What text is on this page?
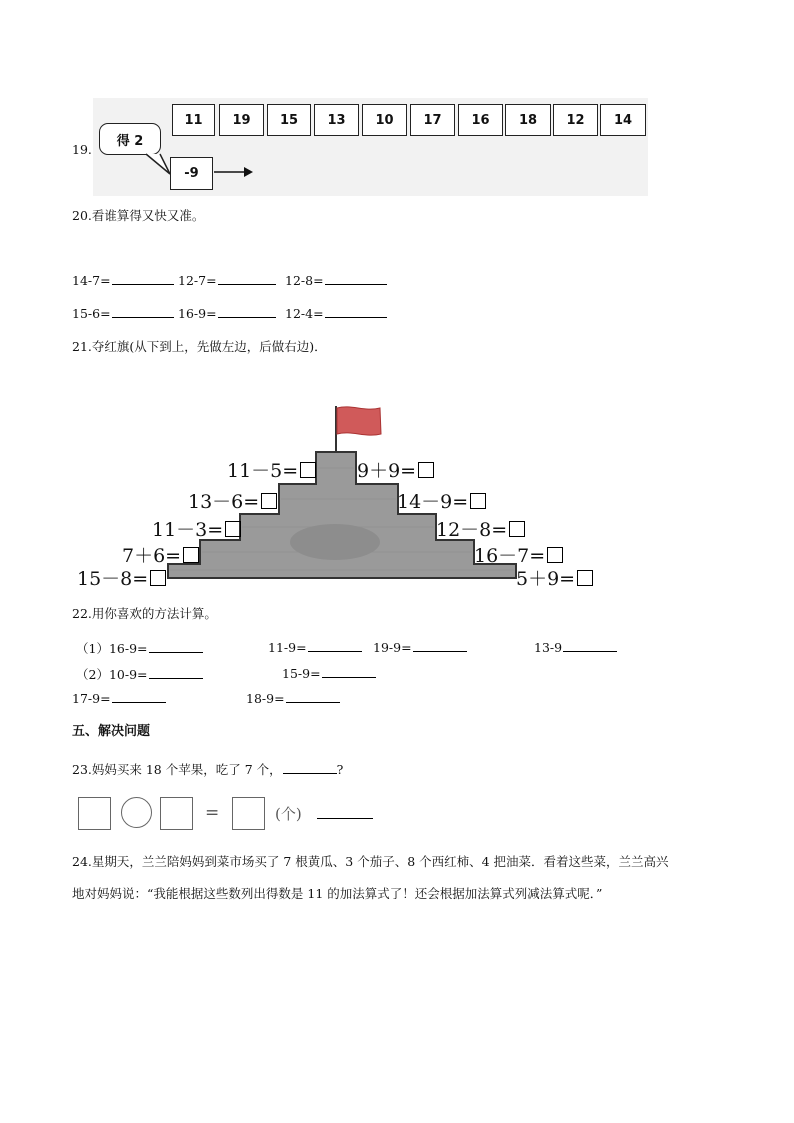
19.
11	19	15	13	10	17	16	18	12	14
得 2
-9
20.看谁算得又快又准。
14-7=	12-7=	12-8=
15-6=	16-9=	12-4=
21.夺红旗(从下到上，先做左边，后做右边)．
11－5=
13－6=
11－3=
7＋6=
15－8=
9＋9=
14－9=
12－8=
16－7=
5＋9=
22.用你喜欢的方法计算。
（1）16-9=	11-9=	19-9=	13-9
（2）10-9=	15-9=
17-9=	18-9=
五、解决问题
23.妈妈买来 18 个苹果，吃了 7 个，	?
=	(个)
24.星期天，兰兰陪妈妈到菜市场买了 7 根黄瓜、3 个茄子、8 个西红柿、4 把油菜．看着这些菜，兰兰高兴
地对妈妈说：“我能根据这些数列出得数是 11 的加法算式了！还会根据加法算式列减法算式呢．”
